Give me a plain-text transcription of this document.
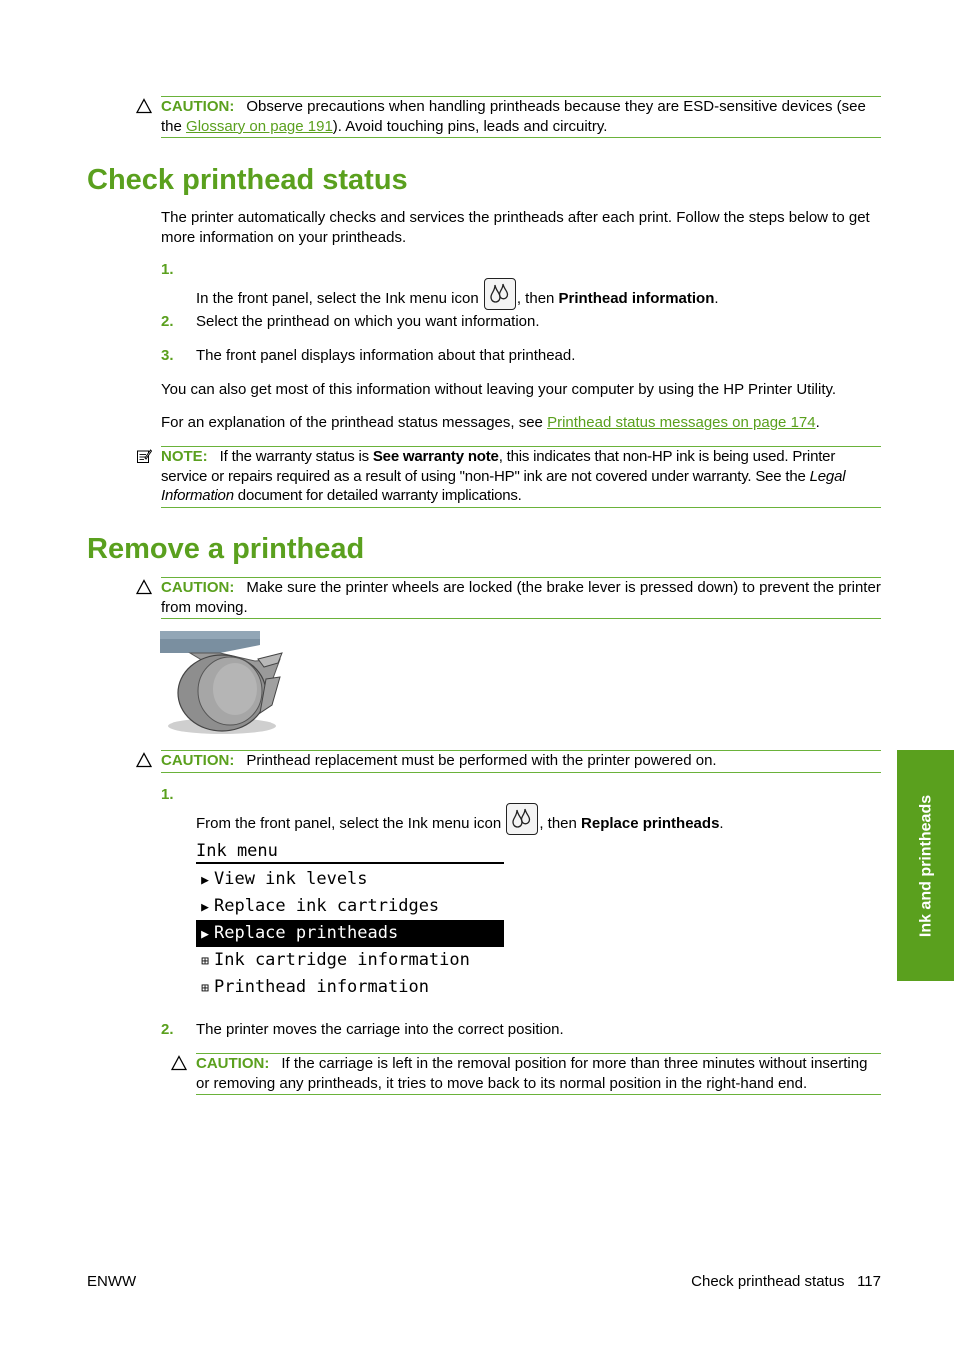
CAUTION: Observe precautions when handling printheads because they are ESD-sensitive devices (see the Glossary on page 191). Avoid touching pins, leads and circuitry.
Check printhead status

The printer automatically checks and services the printheads after each print. Follow the steps below to get more information on your printheads.

1.
In the front panel, select the Ink menu icon , then Printhead information.
2. Select the printhead on which you want information.
3. The front panel displays information about that printhead.

You can also get most of this information without leaving your computer by using the HP Printer Utility.

For an explanation of the printhead status messages, see Printhead status messages on page 174.

NOTE: If the warranty status is See warranty note, this indicates that non-HP ink is being used. Printer service or repairs required as a result of using "non-HP" ink are not covered under warranty. See the Legal Information document for detailed warranty implications.
Remove a printhead
CAUTION: Make sure the printer wheels are locked (the brake lever is pressed down) to prevent the printer from moving.
CAUTION: Printhead replacement must be performed with the printer powered on.
1.
From the front panel, select the Ink menu icon , then Replace printheads.
Ink menu
▶ View ink levels
▶ Replace ink cartridges
▶ Replace printheads
⊞ Ink cartridge information
⊞ Printhead information
2. The printer moves the carriage into the correct position.
CAUTION: If the carriage is left in the removal position for more than three minutes without inserting or removing any printheads, it tries to move back to its normal position in the right-hand end.
Ink and printheads
ENWW	Check printhead status 117
